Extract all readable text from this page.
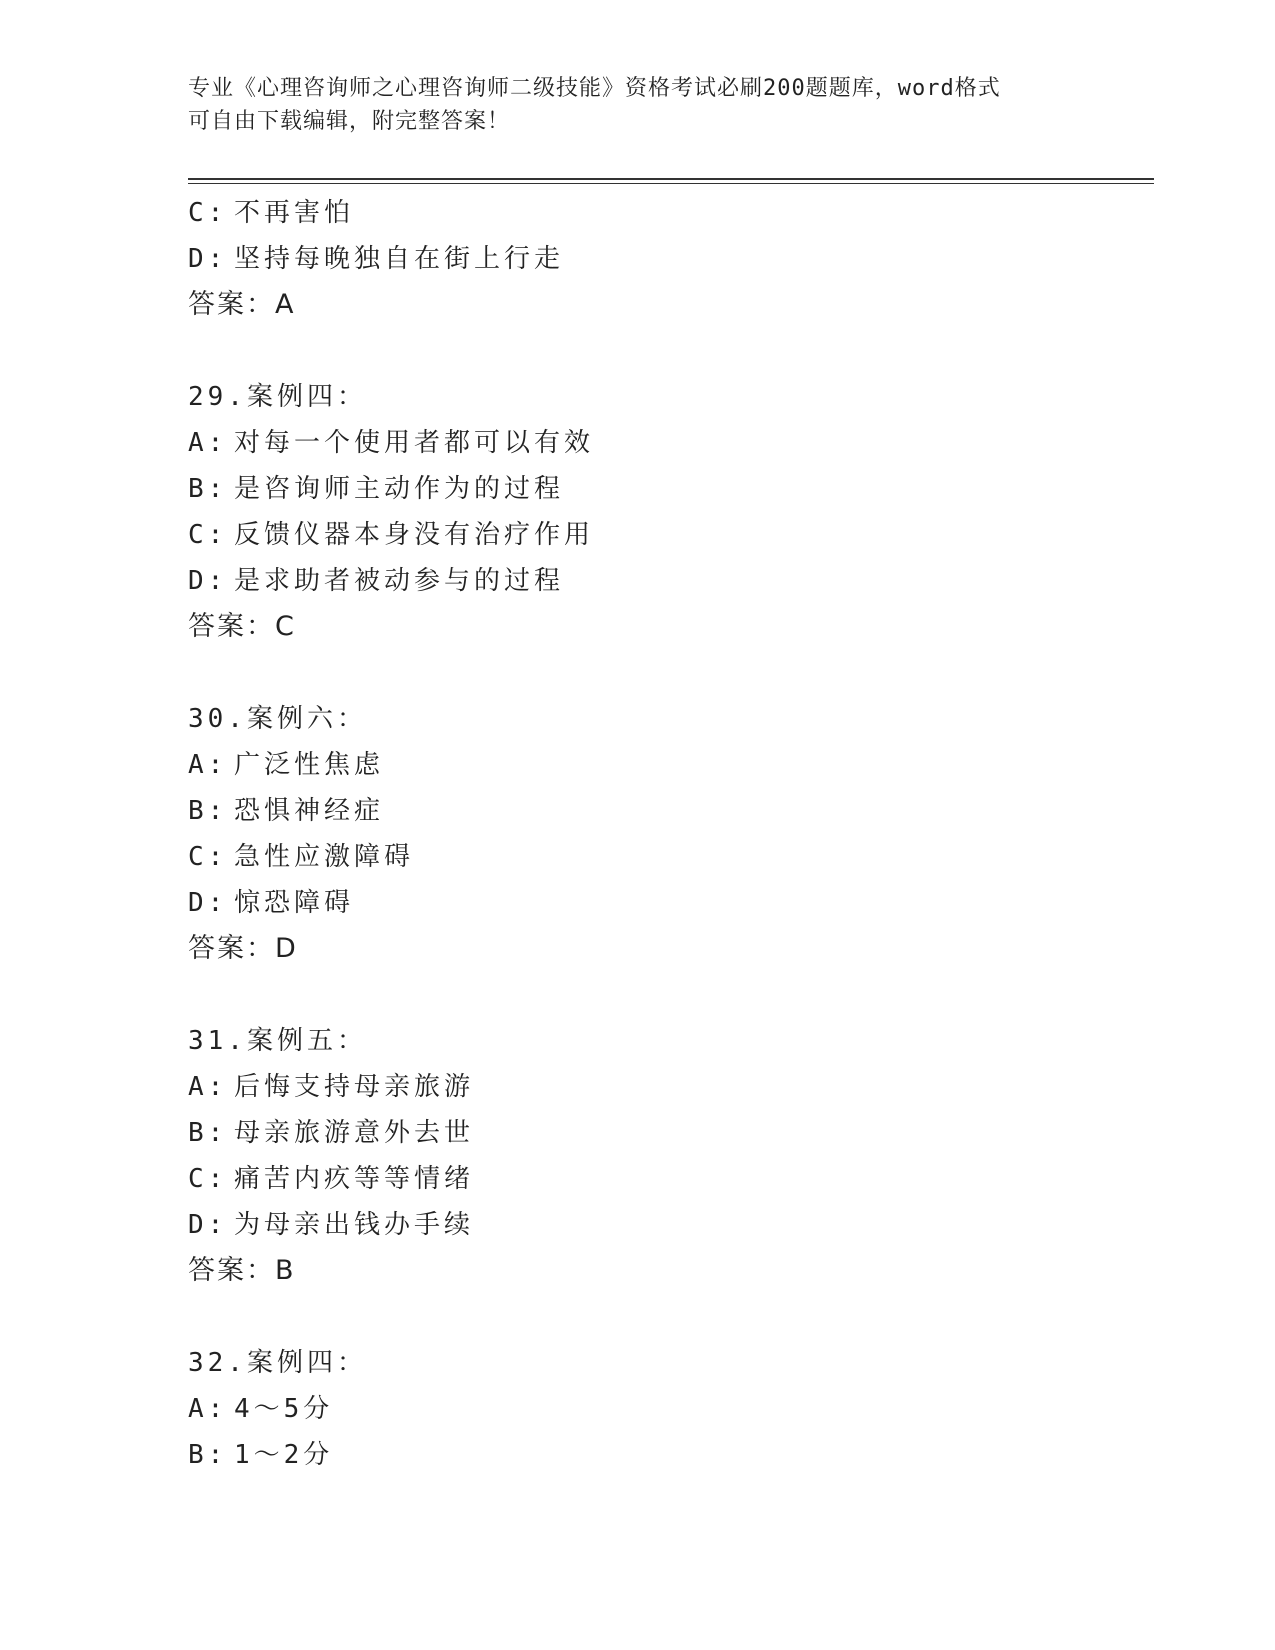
专业《心理咨询师之心理咨询师二级技能》资格考试必刷200题题库，word格式
可自由下载编辑，附完整答案！
C: 不再害怕
D: 坚持每晚独自在街上行走
答案：A
29.案例四：
A: 对每一个使用者都可以有效
B: 是咨询师主动作为的过程
C: 反馈仪器本身没有治疗作用
D: 是求助者被动参与的过程
答案：C
30.案例六：
A: 广泛性焦虑
B: 恐惧神经症
C: 急性应激障碍
D: 惊恐障碍
答案：D
31.案例五：
A: 后悔支持母亲旅游
B: 母亲旅游意外去世
C: 痛苦内疚等等情绪
D: 为母亲出钱办手续
答案：B
32.案例四：
A: 4～5分
B: 1～2分
